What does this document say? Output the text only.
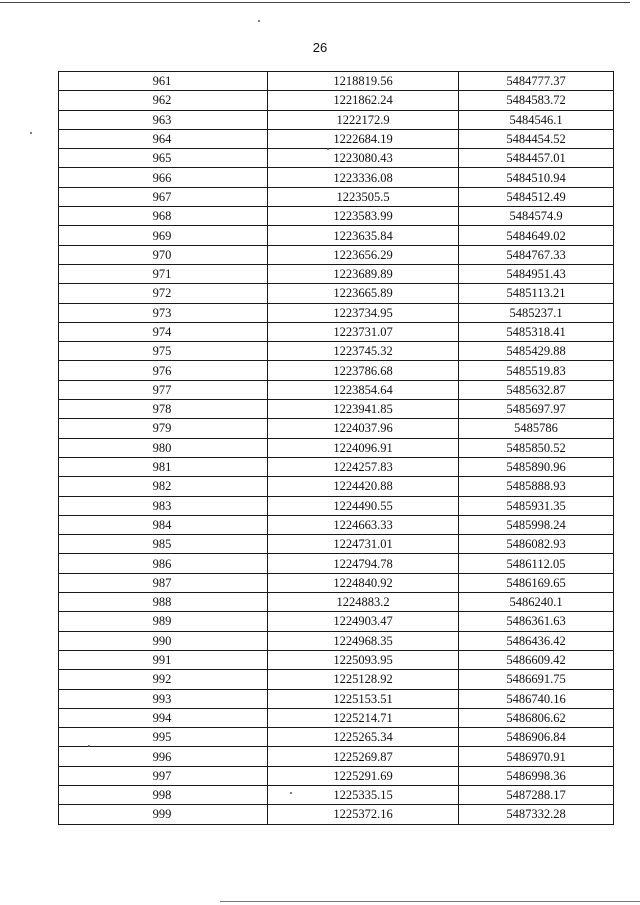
26
961	1218819.56	5484777.37
962	1221862.24	5484583.72
963	1222172.9	5484546.1
964	1222684.19	5484454.52
965	1223080.43	5484457.01
966	1223336.08	5484510.94
967	1223505.5	5484512.49
968	1223583.99	5484574.9
969	1223635.84	5484649.02
970	1223656.29	5484767.33
971	1223689.89	5484951.43
972	1223665.89	5485113.21
973	1223734.95	5485237.1
974	1223731.07	5485318.41
975	1223745.32	5485429.88
976	1223786.68	5485519.83
977	1223854.64	5485632.87
978	1223941.85	5485697.97
979	1224037.96	5485786
980	1224096.91	5485850.52
981	1224257.83	5485890.96
982	1224420.88	5485888.93
983	1224490.55	5485931.35
984	1224663.33	5485998.24
985	1224731.01	5486082.93
986	1224794.78	5486112.05
987	1224840.92	5486169.65
988	1224883.2	5486240.1
989	1224903.47	5486361.63
990	1224968.35	5486436.42
991	1225093.95	5486609.42
992	1225128.92	5486691.75
993	1225153.51	5486740.16
994	1225214.71	5486806.62
995	1225265.34	5486906.84
996	1225269.87	5486970.91
997	1225291.69	5486998.36
998	1225335.15	5487288.17
999	1225372.16	5487332.28
